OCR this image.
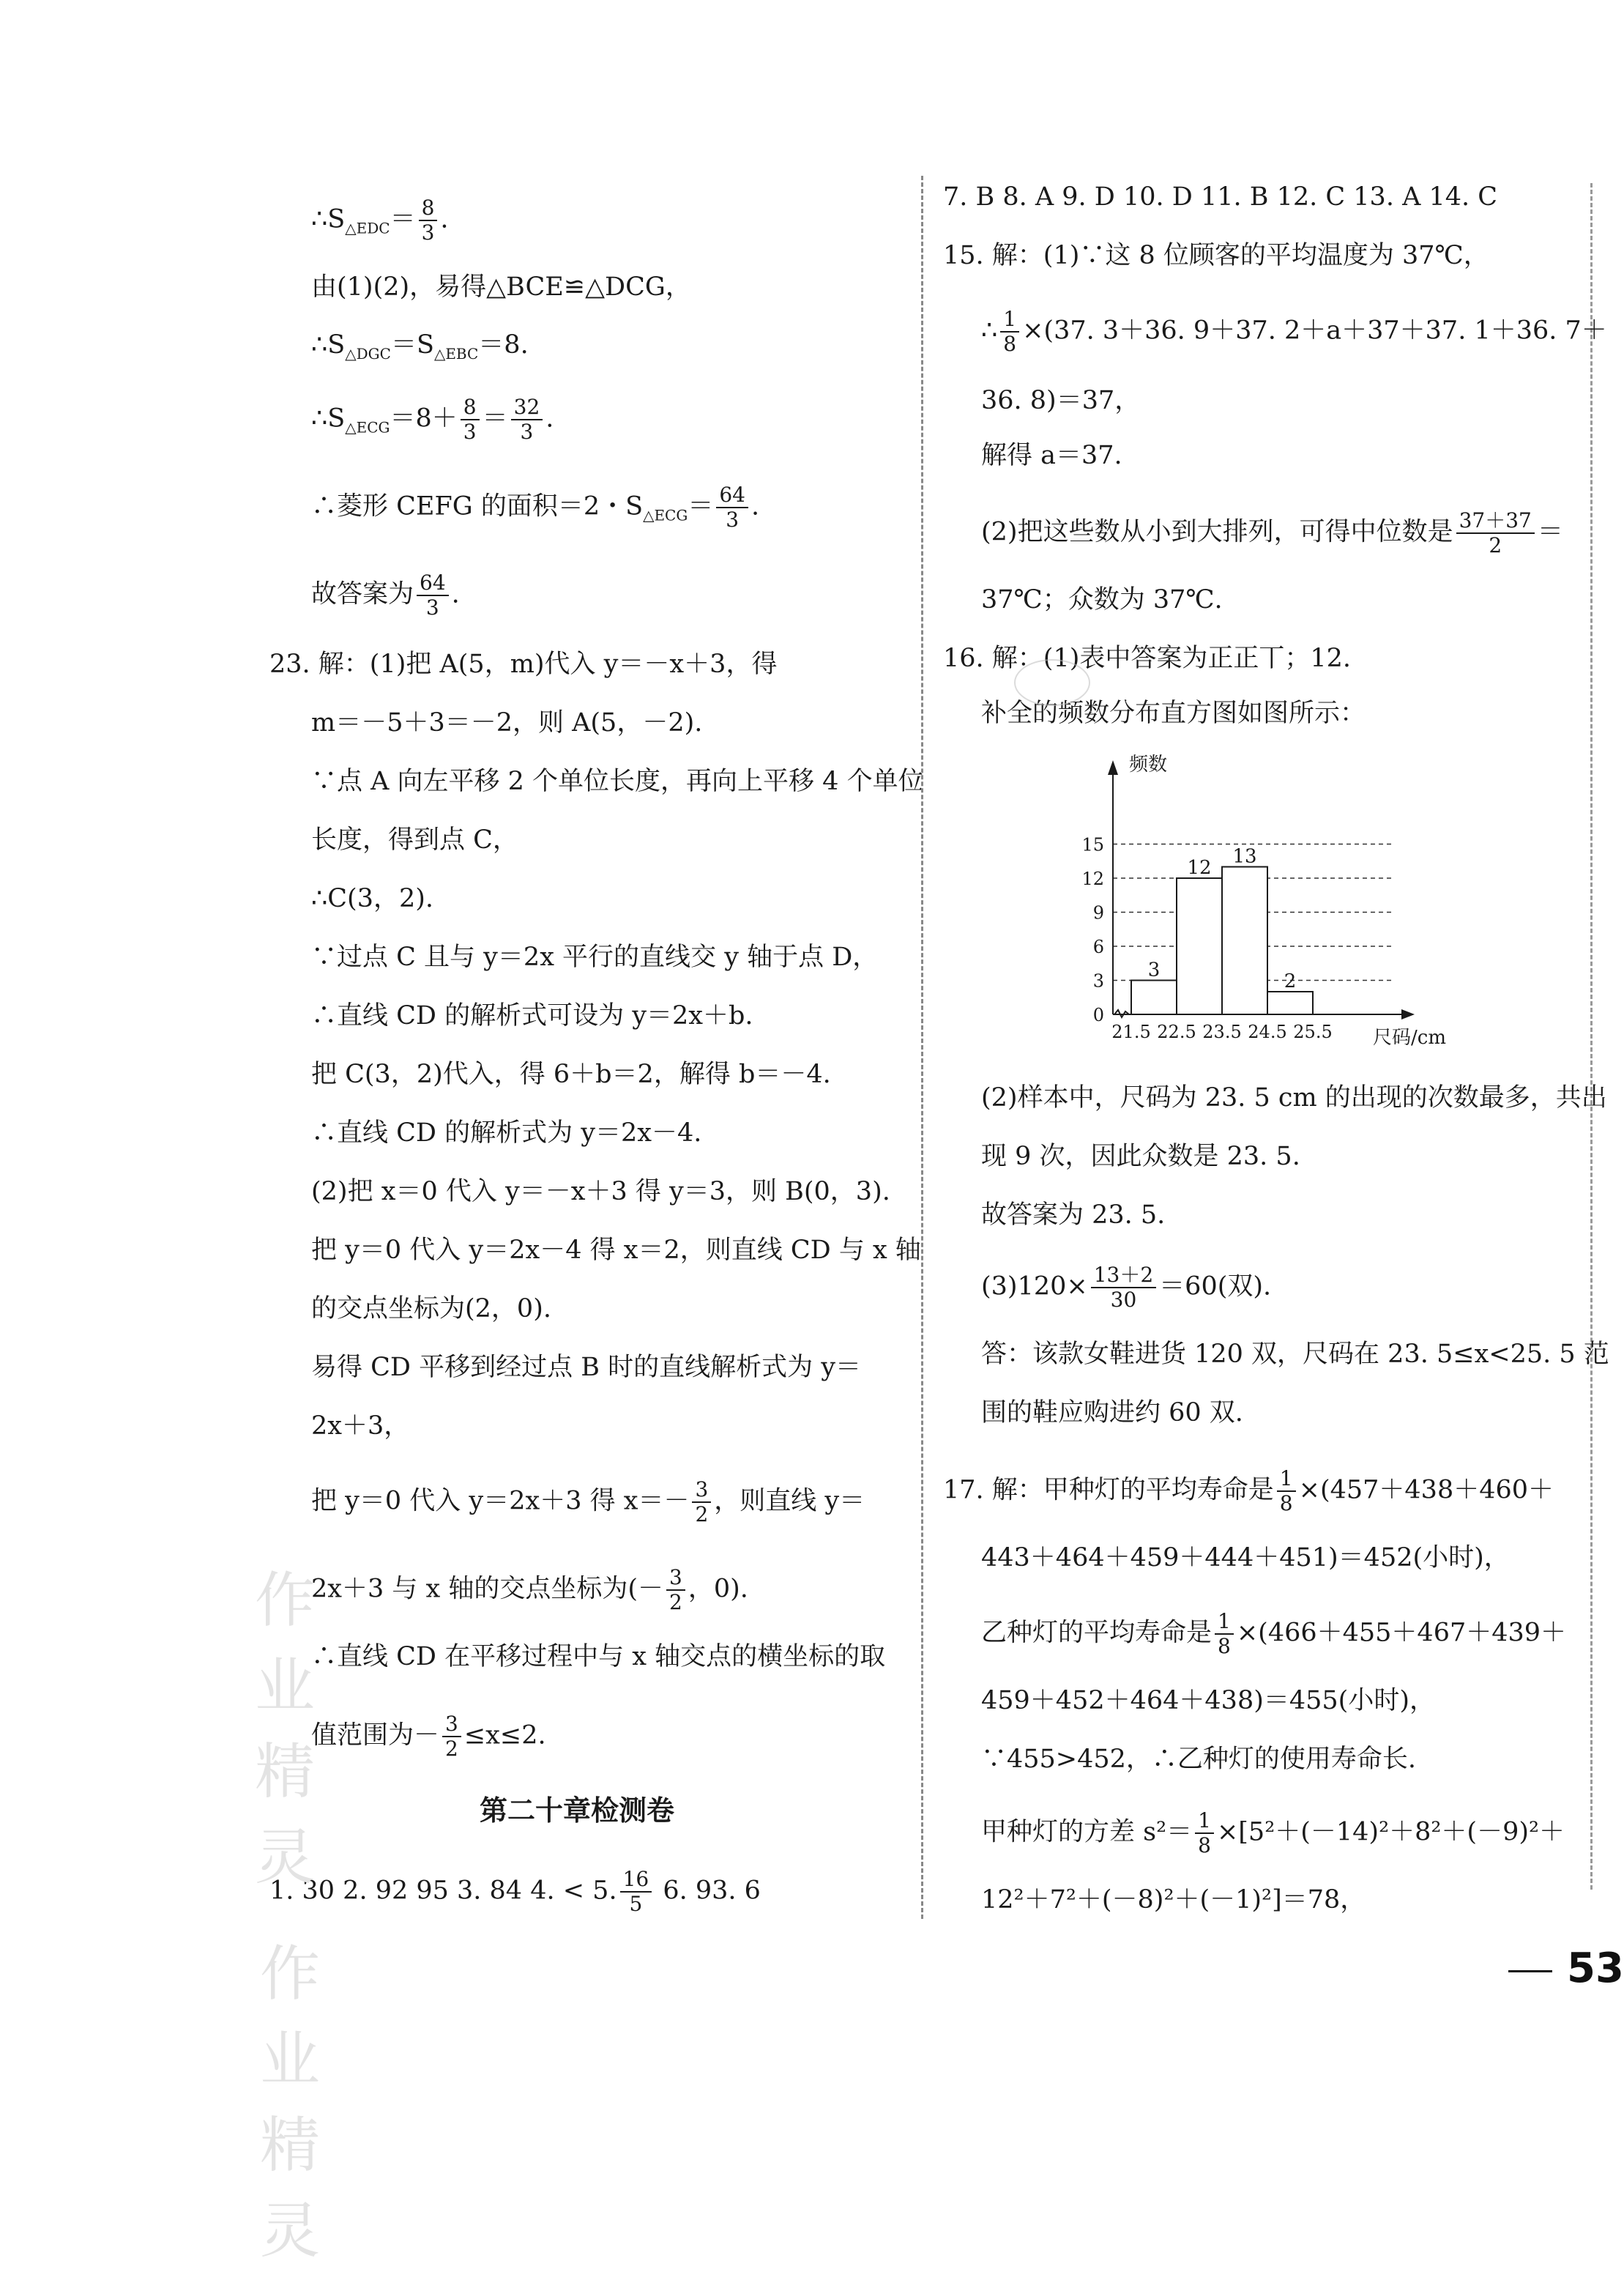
$\therefore S_{\triangle EDC}= \frac{8}{3}$ .
由(1)(2)，易得△BCE≌△DCG，
$\therefore S_{\triangle DGC}=S_{\triangle EBC}=8$.
$\therefore S_{\triangle ECG}=8+ \frac{8}{3} = \frac{32}{3}$ .
∴菱形 CEFG 的面积＝2・$S_{\triangle ECG}= \frac{64}{3}$ .
故答案为 $\frac{64}{3}$ .
23. 解：(1)把 A(5，m)代入 y＝－x＋3，得
m＝－5＋3＝－2，则 A(5，－2).
∵点 A 向左平移 2 个单位长度，再向上平移 4 个单位
长度，得到点 C，
∴C(3，2).
∵过点 C 且与 y＝2x 平行的直线交 y 轴于点 D，
∴直线 CD 的解析式可设为 y＝2x＋b.
把 C(3，2)代入，得 6＋b＝2，解得 b＝－4.
∴直线 CD 的解析式为 y＝2x－4.
(2)把 x＝0 代入 y＝－x＋3 得 y＝3，则 B(0，3).
把 y＝0 代入 y＝2x－4 得 x＝2，则直线 CD 与 x 轴
的交点坐标为(2，0).
易得 CD 平移到经过点 B 时的直线解析式为 y＝
2x＋3，
把 y＝0 代入 y＝2x＋3 得 $x=- \frac{3}{2}$ ，则直线 y＝
2x＋3 与 x 轴的交点坐标为(－ $\frac{3}{2}$ ，0).
∴直线 CD 在平移过程中与 x 轴交点的横坐标的取
值范围为－ $\frac{3}{2} \le x\le 2$.
第二十章检测卷
1. 30 2. 92 95 3. 84 4. < 5. $\frac{16}{5} 6$. 93. 6
作业精灵
作业精灵
7. B 8. A 9. D 10. D 11. B 12. C 13. A 14. C
15. 解：(1)∵这 8 位顾客的平均温度为 37℃，
∴ $\frac{1}{8} \times(37$. 3＋36. 9＋37. 2＋a＋37＋37. 1＋36. 7＋
36. 8)＝37，
解得 a＝37.
(2)把这些数从小到大排列，可得中位数是 $\frac{37+37}{2}$ ＝
37℃；众数为 37℃.
16. 解：(1)表中答案为正正丅；12.
补全的频数分布直方图如图所示：
0
3
6
9
12
15
3
12
13
2
21.5 22.5 23.5 24.5 25.5
频数
尺码/cm
(2)样本中，尺码为 23. 5 cm 的出现的次数最多，共出
现 9 次，因此众数是 23. 5.
故答案为 23. 5.
$(3)120\times \frac{13+2}{30} =60$(双).
答：该款女鞋进货 120 双，尺码在 23. 5≤x<25. 5 范
围的鞋应购进约 60 双.
17. 解：甲种灯的平均寿命是 $\frac{1}{8} \times(457+438+460+$
443＋464＋459＋444＋451)＝452(小时)，
乙种灯的平均寿命是 $\frac{1}{8} \times(466+455+467+439+$
459＋452＋464＋438)＝455(小时)，
∵455>452，∴乙种灯的使用寿命长.
甲种灯的方差 $s^2= \frac{1}{8} \times[5^2+(-14)^2+8^2+(-9)^2+$
12²＋7²＋(－8)²＋(－1)²]＝78，
53
